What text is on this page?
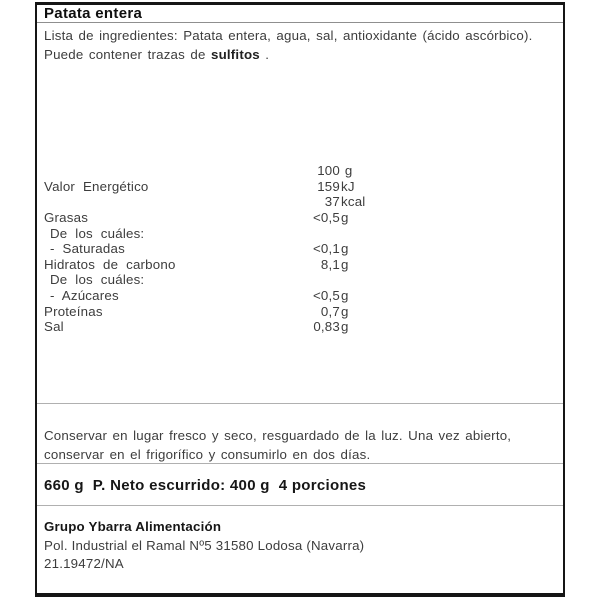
Patata entera
Lista de ingredientes: Patata entera, agua, sal, antioxidante (ácido ascórbico).
Puede contener trazas de sulfitos .
100 g
Valor Energético	159 kJ
37 kcal
Grasas	<0,5 g
De los cuáles:
- Saturadas	<0,1 g
Hidratos de carbono	8,1 g
De los cuáles:
- Azúcares	<0,5 g
Proteínas	0,7 g
Sal	0,83 g
Conservar en lugar fresco y seco, resguardado de la luz. Una vez abierto,
conservar en el frigorífico y consumirlo en dos días.
660 g  P. Neto escurrido: 400 g  4 porciones
Grupo Ybarra Alimentación
Pol. Industrial el Ramal Nº5 31580 Lodosa (Navarra)
21.19472/NA
